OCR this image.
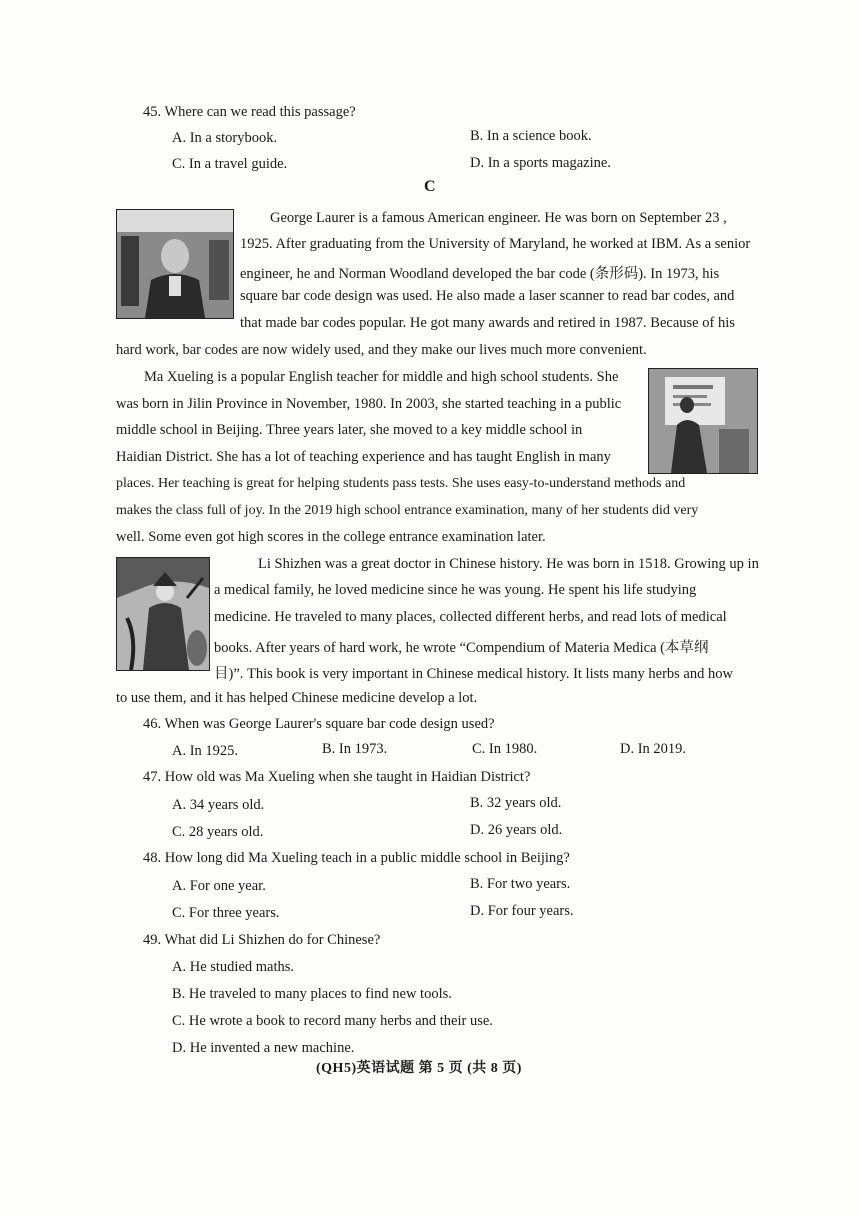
45. Where can we read this passage?
A. In a storybook.	B. In a science book.
C. In a travel guide.	D. In a sports magazine.
C
George Laurer is a famous American engineer. He was born on September 23 ,
1925. After graduating from the University of Maryland, he worked at IBM. As a senior
engineer, he and Norman Woodland developed the bar code (条形码). In 1973, his
square bar code design was used. He also made a laser scanner to read bar codes, and
that made bar codes popular. He got many awards and retired in 1987. Because of his
hard work, bar codes are now widely used, and they make our lives much more convenient.
Ma Xueling is a popular English teacher for middle and high school students. She
was born in Jilin Province in November, 1980. In 2003, she started teaching in a public
middle school in Beijing. Three years later, she moved to a key middle school in
Haidian District. She has a lot of teaching experience and has taught English in many
places. Her teaching is great for helping students pass tests. She uses easy-to-understand methods and
makes the class full of joy. In the 2019 high school entrance examination, many of her students did very
well. Some even got high scores in the college entrance examination later.
Li Shizhen was a great doctor in Chinese history. He was born in 1518. Growing up in
a medical family, he loved medicine since he was young. He spent his life studying
medicine. He traveled to many places, collected different herbs, and read lots of medical
books. After years of hard work, he wrote “Compendium of Materia Medica (本草纲
目)”. This book is very important in Chinese medical history. It lists many herbs and how
to use them, and it has helped Chinese medicine develop a lot.
46. When was George Laurer's square bar code design used?
A. In 1925.	B. In 1973.	C. In 1980.	D. In 2019.
47. How old was Ma Xueling when she taught in Haidian District?
A. 34 years old.	B. 32 years old.
C. 28 years old.	D. 26 years old.
48. How long did Ma Xueling teach in a public middle school in Beijing?
A. For one year.	B. For two years.
C. For three years.	D. For four years.
49. What did Li Shizhen do for Chinese?
A. He studied maths.
B. He traveled to many places to find new tools.
C. He wrote a book to record many herbs and their use.
D. He invented a new machine.
(QH5)英语试题 第 5 页 (共 8 页)
